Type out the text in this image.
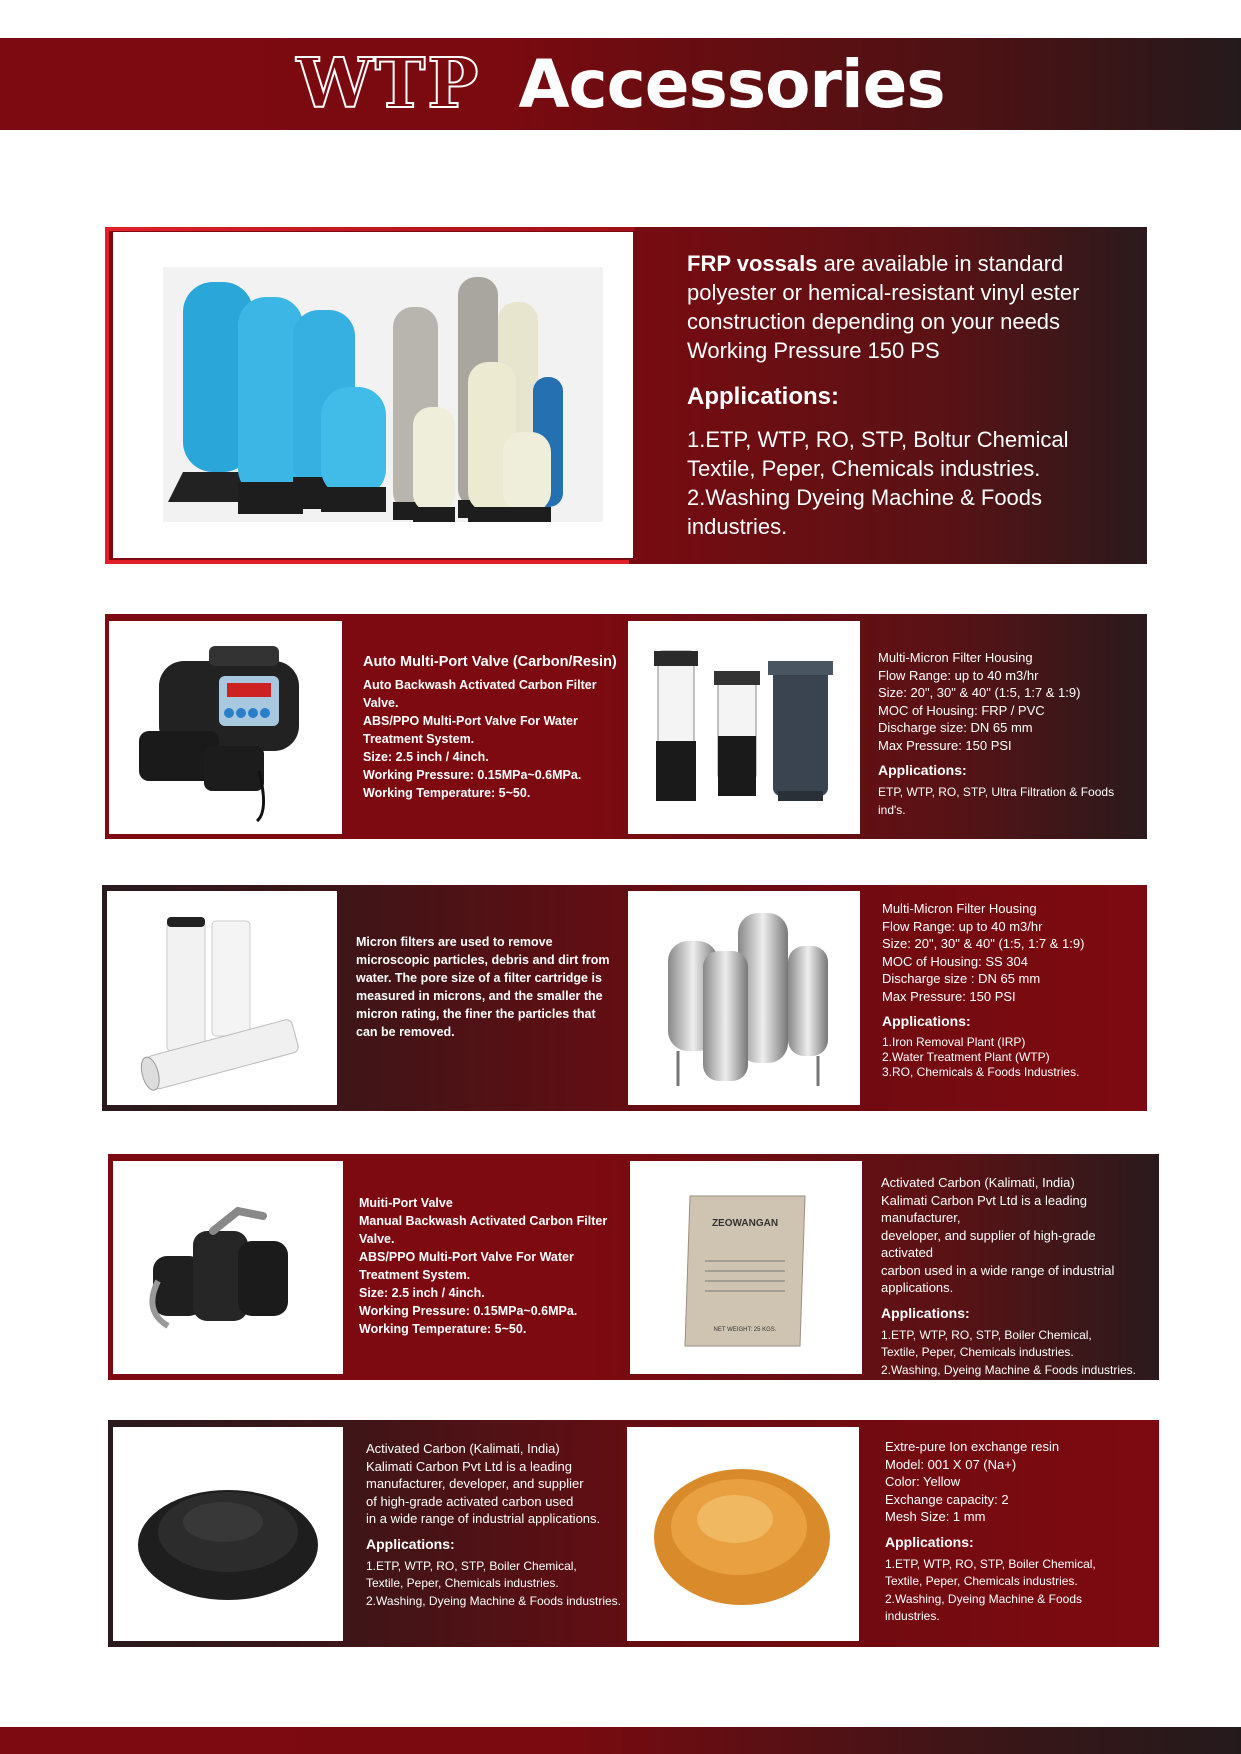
WTP Accessories
FRP vossals are available in standard polyester or hemical-resistant vinyl ester construction depending on your needs Working Pressure 150 PS
Applications:
1.ETP, WTP, RO, STP, Boltur Chemical Textile, Peper, Chemicals industries.
2.Washing Dyeing Machine & Foods industries.
Auto Multi-Port Valve (Carbon/Resin)
Auto Backwash Activated Carbon Filter Valve.
ABS/PPO Multi-Port Valve For Water
Treatment System.
Size: 2.5 inch / 4inch.
Working Pressure: 0.15MPa~0.6MPa.
Working Temperature: 5~50.
Multi-Micron Filter Housing
Flow Range: up to 40 m3/hr
Size: 20", 30" & 40" (1:5, 1:7 & 1:9)
MOC of Housing: FRP / PVC
Discharge size: DN 65 mm
Max Pressure: 150 PSI
Applications:
ETP, WTP, RO, STP, Ultra Filtration & Foods ind's.
Micron filters are used to remove microscopic particles, debris and dirt from water. The pore size of a filter cartridge is measured in microns, and the smaller the micron rating, the finer the particles that can be removed.
Multi-Micron Filter Housing
Flow Range: up to 40 m3/hr
Size: 20", 30" & 40" (1:5, 1:7 & 1:9)
MOC of Housing: SS 304
Discharge size : DN 65 mm
Max Pressure: 150 PSI
Applications:
1.Iron Removal Plant (IRP)
2.Water Treatment Plant (WTP)
3.RO, Chemicals & Foods Industries.
Muiti-Port Valve
Manual Backwash Activated Carbon Filter Valve.
ABS/PPO Multi-Port Valve For Water
Treatment System.
Size: 2.5 inch / 4inch.
Working Pressure: 0.15MPa~0.6MPa.
Working Temperature: 5~50.
ZEOWANGAN
NET WEIGHT: 25 KGS.
Activated Carbon (Kalimati, India)
Kalimati Carbon Pvt Ltd is a leading manufacturer,
developer, and supplier of high-grade activated
carbon used in a wide range of industrial
applications.
Applications:
1.ETP, WTP, RO, STP, Boiler Chemical,
Textile, Peper, Chemicals industries.
2.Washing, Dyeing Machine & Foods industries.
Activated Carbon (Kalimati, India)
Kalimati Carbon Pvt Ltd is a leading
manufacturer, developer, and supplier
of high-grade activated carbon used
in a wide range of industrial applications.
Applications:
1.ETP, WTP, RO, STP, Boiler Chemical,
Textile, Peper, Chemicals industries.
2.Washing, Dyeing Machine & Foods industries.
Extre-pure Ion exchange resin
Model: 001 X 07 (Na+)
Color: Yellow
Exchange capacity: 2
Mesh Size: 1 mm
Applications:
1.ETP, WTP, RO, STP, Boiler Chemical,
Textile, Peper, Chemicals industries.
2.Washing, Dyeing Machine & Foods
industries.
